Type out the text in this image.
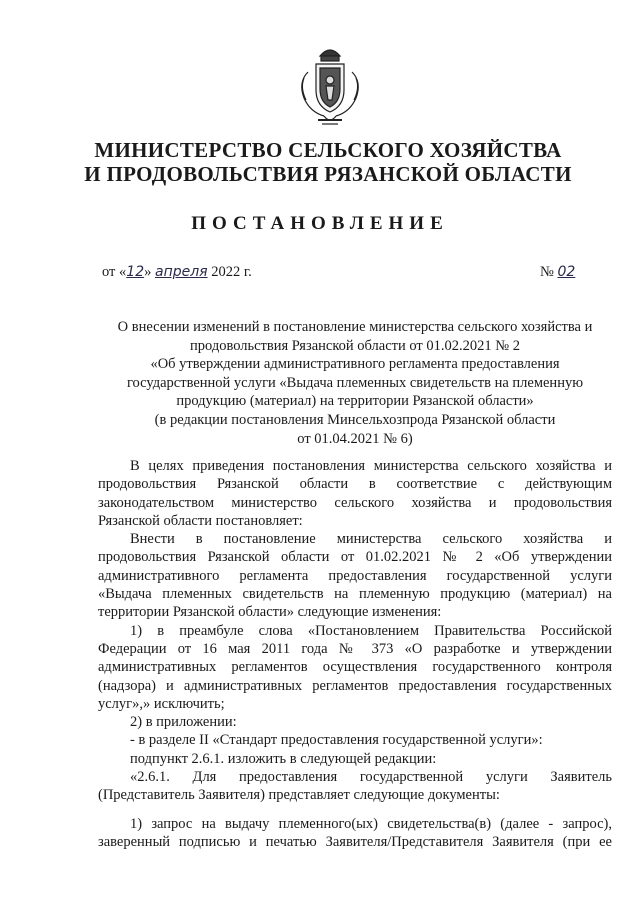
МИНИСТЕРСТВО СЕЛЬСКОГО ХОЗЯЙСТВА
И ПРОДОВОЛЬСТВИЯ РЯЗАНСКОЙ ОБЛАСТИ
ПОСТАНОВЛЕНИЕ
от «12» апреля 2022 г.	№ 02
О внесении изменений в постановление министерства сельского хозяйства и
продовольствия Рязанской области от 01.02.2021 № 2
«Об утверждении административного регламента предоставления
государственной услуги «Выдача племенных свидетельств на племенную
продукцию (материал) на территории Рязанской области»
(в редакции постановления Минсельхозпрода Рязанской области
от 01.04.2021 № 6)
В целях приведения постановления министерства сельского хозяйства и
продовольствия Рязанской области в соответствие с действующим
законодательством министерство сельского хозяйства и продовольствия
Рязанской области постановляет:
Внести в постановление министерства сельского хозяйства и
продовольствия Рязанской области от 01.02.2021 № 2 «Об утверждении
административного регламента предоставления государственной услуги
«Выдача племенных свидетельств на племенную продукцию (материал) на
территории Рязанской области» следующие изменения:
1) в преамбуле слова «Постановлением Правительства Российской
Федерации от 16 мая 2011 года № 373 «О разработке и утверждении
административных регламентов осуществления государственного контроля
(надзора) и административных регламентов предоставления государственных
услуг»,» исключить;
2) в приложении:
- в разделе II «Стандарт предоставления государственной услуги»:
подпункт 2.6.1. изложить в следующей редакции:
«2.6.1. Для предоставления государственной услуги Заявитель
(Представитель Заявителя) представляет следующие документы:
1) запрос на выдачу племенного(ых) свидетельства(в) (далее - запрос),
заверенный подписью и печатью Заявителя/Представителя Заявителя (при ее
